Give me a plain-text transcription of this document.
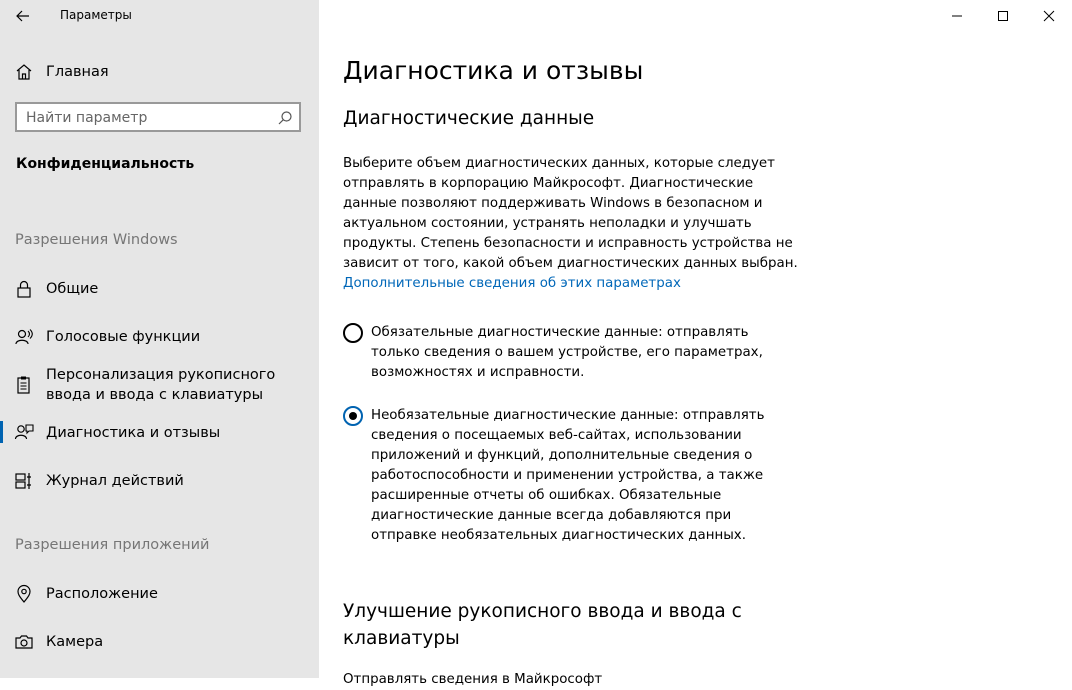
Параметры
Главная
Найти параметр
Конфиденциальность
Разрешения Windows
Общие
Голосовые функции
Персонализация рукописного ввода и ввода с клавиатуры
Диагностика и отзывы
Журнал действий
Разрешения приложений
Расположение
Камера
Диагностика и отзывы
Диагностические данные
Выберите объем диагностических данных, которые следует отправлять в корпорацию Майкрософт. Диагностические данные позволяют поддерживать Windows в безопасном и актуальном состоянии, устранять неполадки и улучшать продукты. Степень безопасности и исправность устройства не зависит от того, какой объем диагностических данных выбран.
Дополнительные сведения об этих параметрах
Обязательные диагностические данные: отправлять только сведения о вашем устройстве, его параметрах, возможностях и исправности.
Необязательные диагностические данные: отправлять сведения о посещаемых веб-сайтах, использовании приложений и функций, дополнительные сведения о работоспособности и применении устройства, а также расширенные отчеты об ошибках. Обязательные диагностические данные всегда добавляются при отправке необязательных диагностических данных.
Улучшение рукописного ввода и ввода с клавиатуры
Отправлять сведения в Майкрософт
